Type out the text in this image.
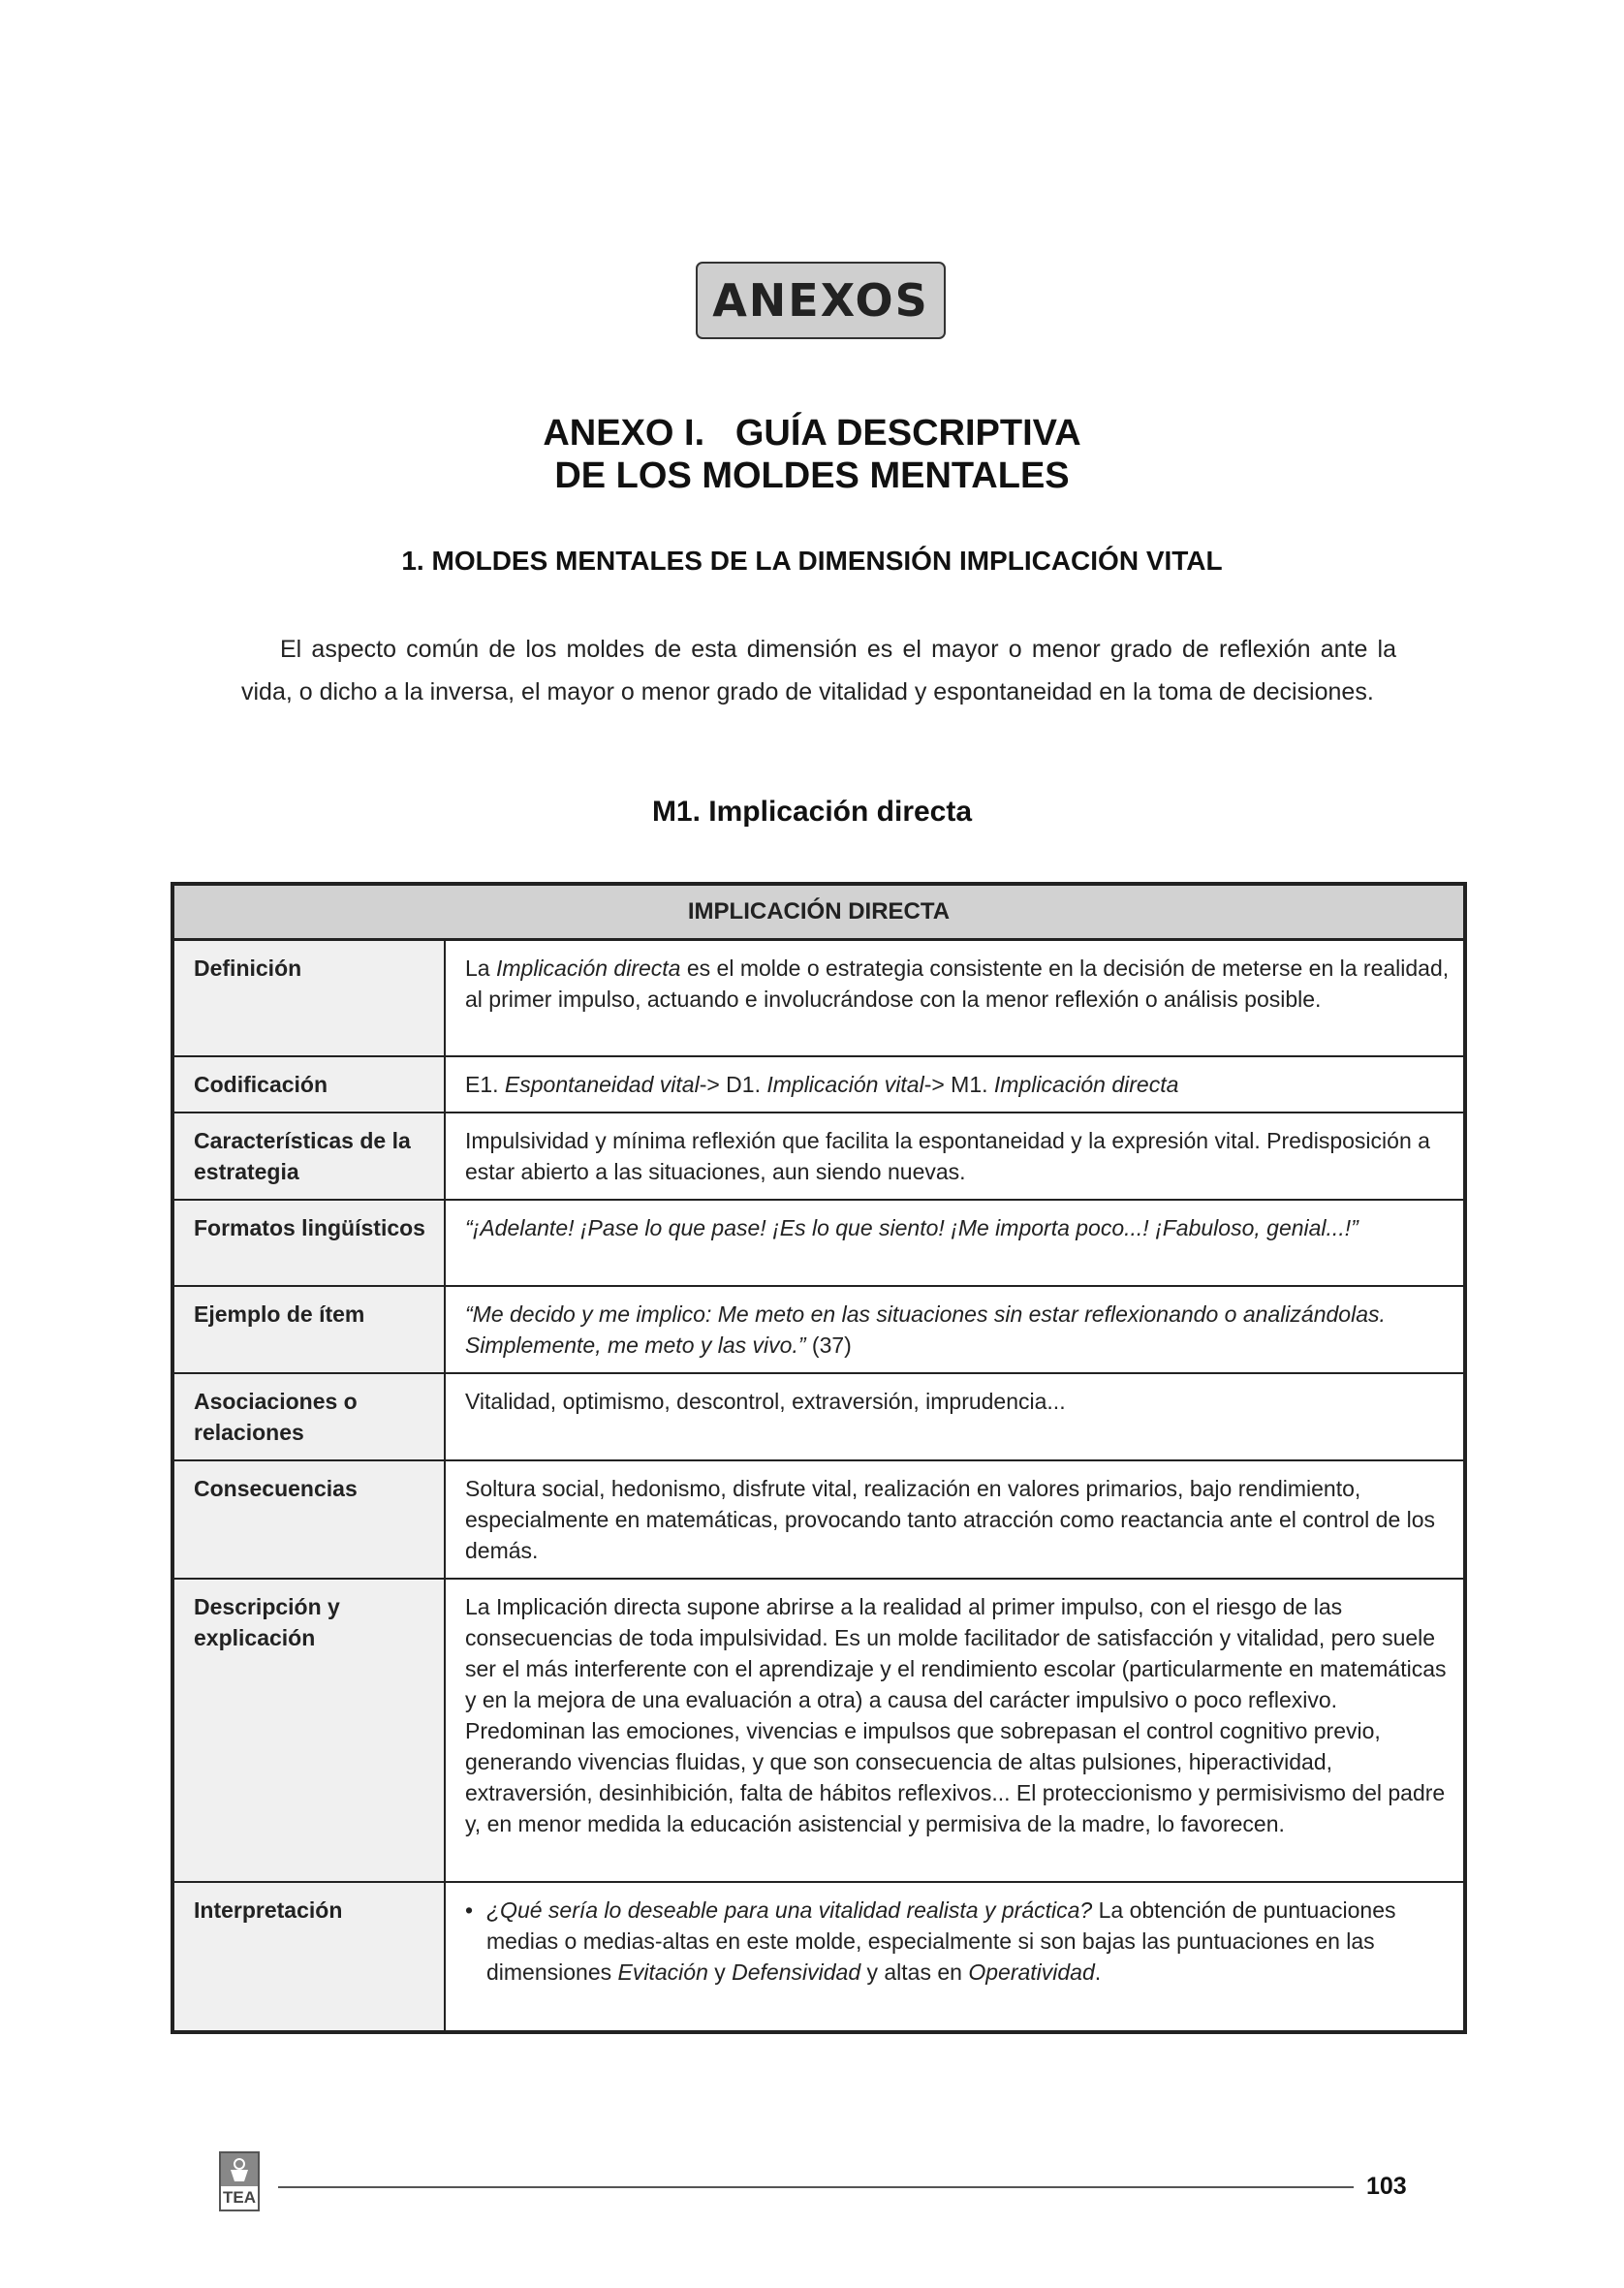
ANEXOS
ANEXO I.   GUÍA DESCRIPTIVA
DE LOS MOLDES MENTALES
1. MOLDES MENTALES DE LA DIMENSIÓN IMPLICACIÓN VITAL

El aspecto común de los moldes de esta dimensión es el mayor o menor grado de reflexión ante la vida, o dicho a la inversa, el mayor o menor grado de vitalidad y espontaneidad en la toma de decisiones.

M1. Implicación directa
IMPLICACIÓN DIRECTA	
Definición	La Implicación directa es el molde o estrategia consistente en la decisión de meterse en la realidad, al primer impulso, actuando e involucrándose con la menor reflexión o análisis posible.
Codificación	E1. Espontaneidad vital-> D1. Implicación vital-> M1. Implicación directa
Características de la estrategia	Impulsividad y mínima reflexión que facilita la espontaneidad y la expresión vital. Predisposición a estar abierto a las situaciones, aun siendo nuevas.
Formatos lingüísticos	“¡Adelante! ¡Pase lo que pase! ¡Es lo que siento! ¡Me importa poco...! ¡Fabuloso, genial...!”
Ejemplo de ítem	“Me decido y me implico: Me meto en las situaciones sin estar reflexionando o analizándolas. Simplemente, me meto y las vivo.” (37)
Asociaciones o relaciones	Vitalidad, optimismo, descontrol, extraversión, imprudencia...
Consecuencias	Soltura social, hedonismo, disfrute vital, realización en valores primarios, bajo rendimiento, especialmente en matemáticas, provocando tanto atracción como reactancia ante el control de los demás.
Descripción y explicación	La Implicación directa supone abrirse a la realidad al primer impulso, con el riesgo de las consecuencias de toda impulsividad. Es un molde facilitador de satisfacción y vitalidad, pero suele ser el más interferente con el aprendizaje y el rendimiento escolar (particularmente en matemáticas y en la mejora de una evaluación a otra) a causa del carácter impulsivo o poco reflexivo. Predominan las emociones, vivencias e impulsos que sobrepasan el control cognitivo previo, generando vivencias fluidas, y que son consecuencia de altas pulsiones, hiperactividad, extraversión, desinhibición, falta de hábitos reflexivos... El proteccionismo y permisivismo del padre y, en menor medida la educación asistencial y permisiva de la madre, lo favorecen.
Interpretación	• ¿Qué sería lo deseable para una vitalidad realista y práctica? La obtención de puntuaciones medias o medias-altas en este molde, especialmente si son bajas las puntuaciones en las dimensiones Evitación y Defensividad y altas en Operatividad.
TEA	103
